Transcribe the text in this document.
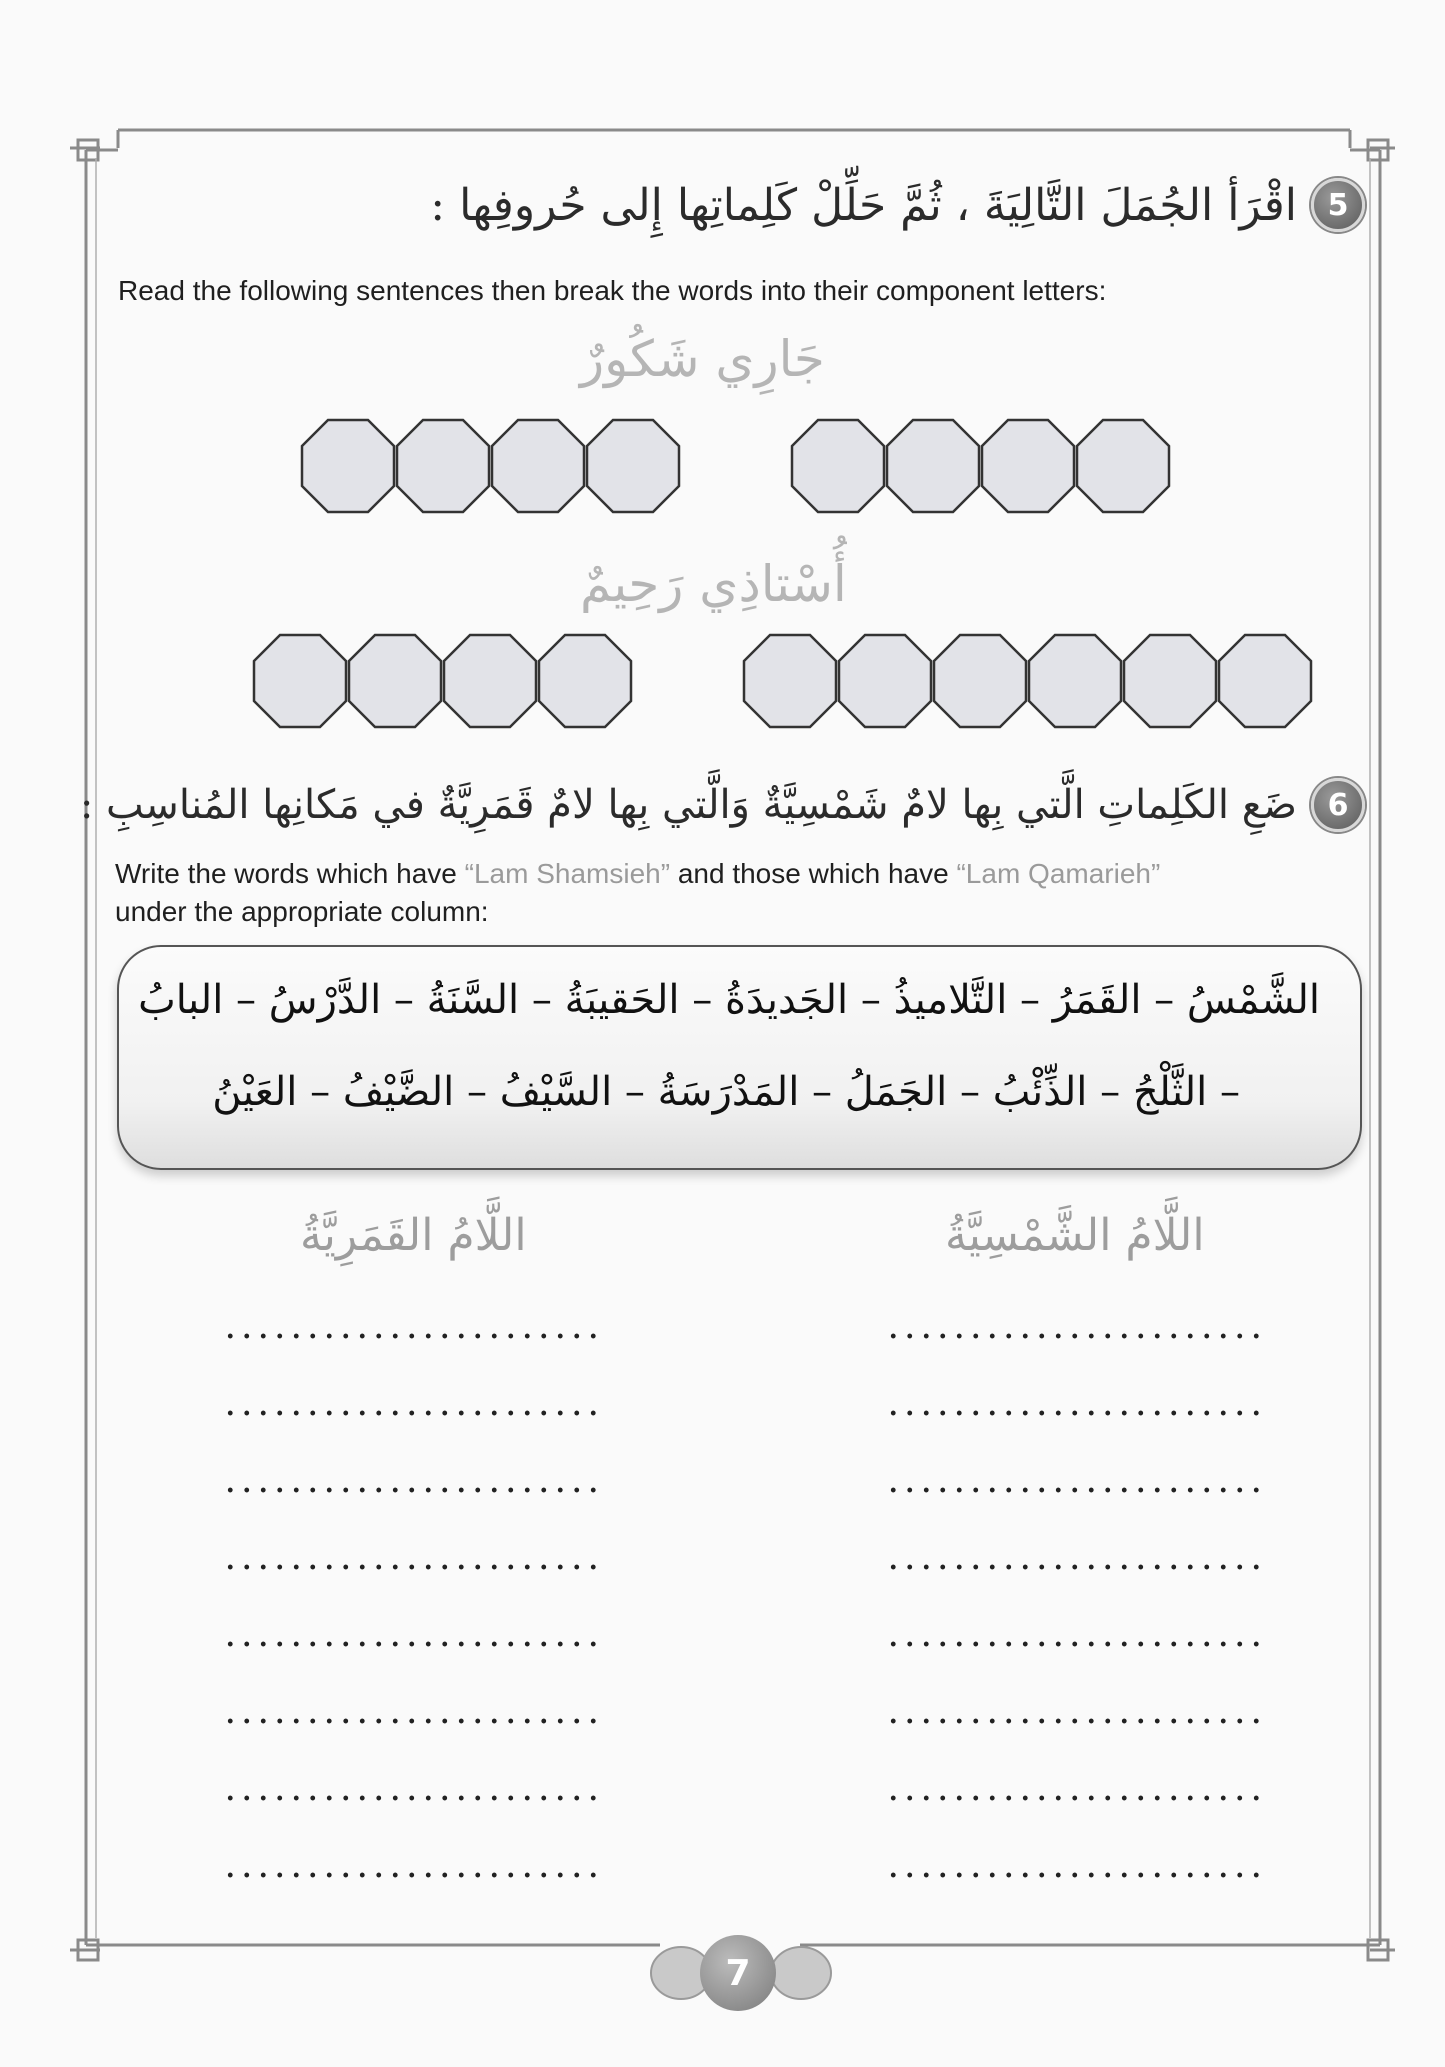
5
اقْرَأ الجُمَلَ التَّالِيَةَ ، ثُمَّ حَلِّلْ كَلِماتِها إِلى حُروفِها :
Read the following sentences then break the words into their component letters:
جَارِي شَكُورٌ
أُسْتاذِي رَحِيمٌ
6
ضَعِ الكَلِماتِ الَّتي بِها لامٌ شَمْسِيَّةٌ وَالَّتي بِها لامٌ قَمَرِيَّةٌ في مَكانِها المُناسِبِ :
Write the words which have “Lam Shamsieh” and those which have “Lam Qamarieh”
under the appropriate column:
الشَّمْسُ – القَمَرُ – التَّلاميذُ – الجَديدَةُ – الحَقيبَةُ – السَّنَةُ – الدَّرْسُ – البابُ
– الثَّلْجُ – الذِّئْبُ – الجَمَلُ – المَدْرَسَةُ – السَّيْفُ – الضَّيْفُ – العَيْنُ
اللَّامُ الشَّمْسِيَّةُ
اللَّامُ القَمَرِيَّةُ
7
